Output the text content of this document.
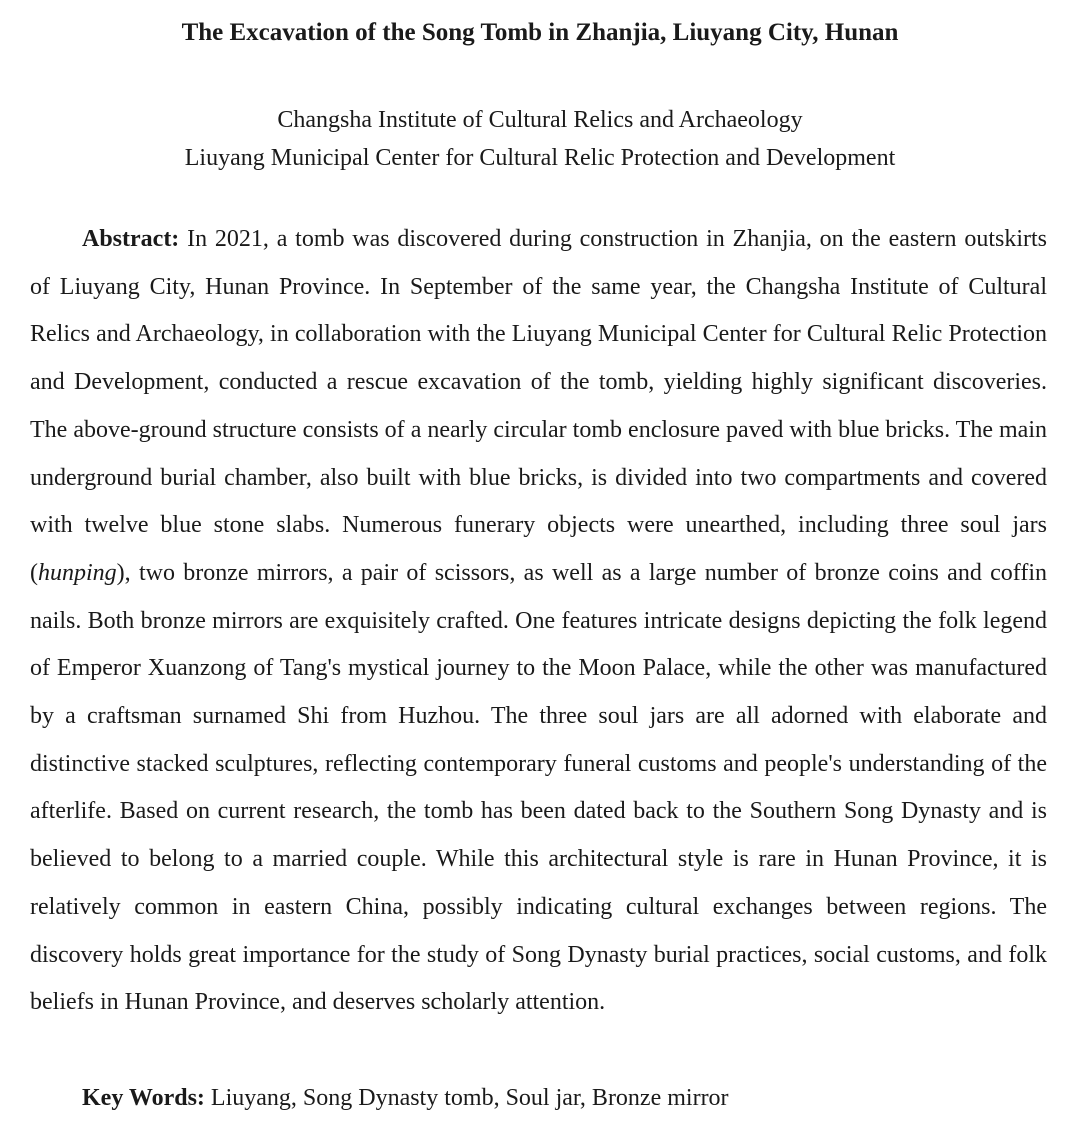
The Excavation of the Song Tomb in Zhanjia, Liuyang City, Hunan
Changsha Institute of Cultural Relics and Archaeology
Liuyang Municipal Center for Cultural Relic Protection and Development

Abstract: In 2021, a tomb was discovered during construction in Zhanjia, on the eastern outskirts of Liuyang City, Hunan Province. In September of the same year, the Changsha Institute of Cultural Relics and Archaeology, in collaboration with the Liuyang Municipal Center for Cultural Relic Protection and Development, conducted a rescue excavation of the tomb, yielding highly significant discoveries. The above-ground structure consists of a nearly circular tomb enclosure paved with blue bricks. The main underground burial chamber, also built with blue bricks, is divided into two compartments and covered with twelve blue stone slabs. Numerous funerary objects were unearthed, including three soul jars (hunping), two bronze mirrors, a pair of scissors, as well as a large number of bronze coins and coffin nails. Both bronze mirrors are exquisitely crafted. One features intricate designs depicting the folk legend of Emperor Xuanzong of Tang's mystical journey to the Moon Palace, while the other was manufactured by a craftsman surnamed Shi from Huzhou. The three soul jars are all adorned with elaborate and distinctive stacked sculptures, reflecting contemporary funeral customs and people's understanding of the afterlife. Based on current research, the tomb has been dated back to the Southern Song Dynasty and is believed to belong to a married couple. While this architectural style is rare in Hunan Province, it is relatively common in eastern China, possibly indicating cultural exchanges between regions. The discovery holds great importance for the study of Song Dynasty burial practices, social customs, and folk beliefs in Hunan Province, and deserves scholarly attention.

Key Words: Liuyang, Song Dynasty tomb, Soul jar, Bronze mirror
